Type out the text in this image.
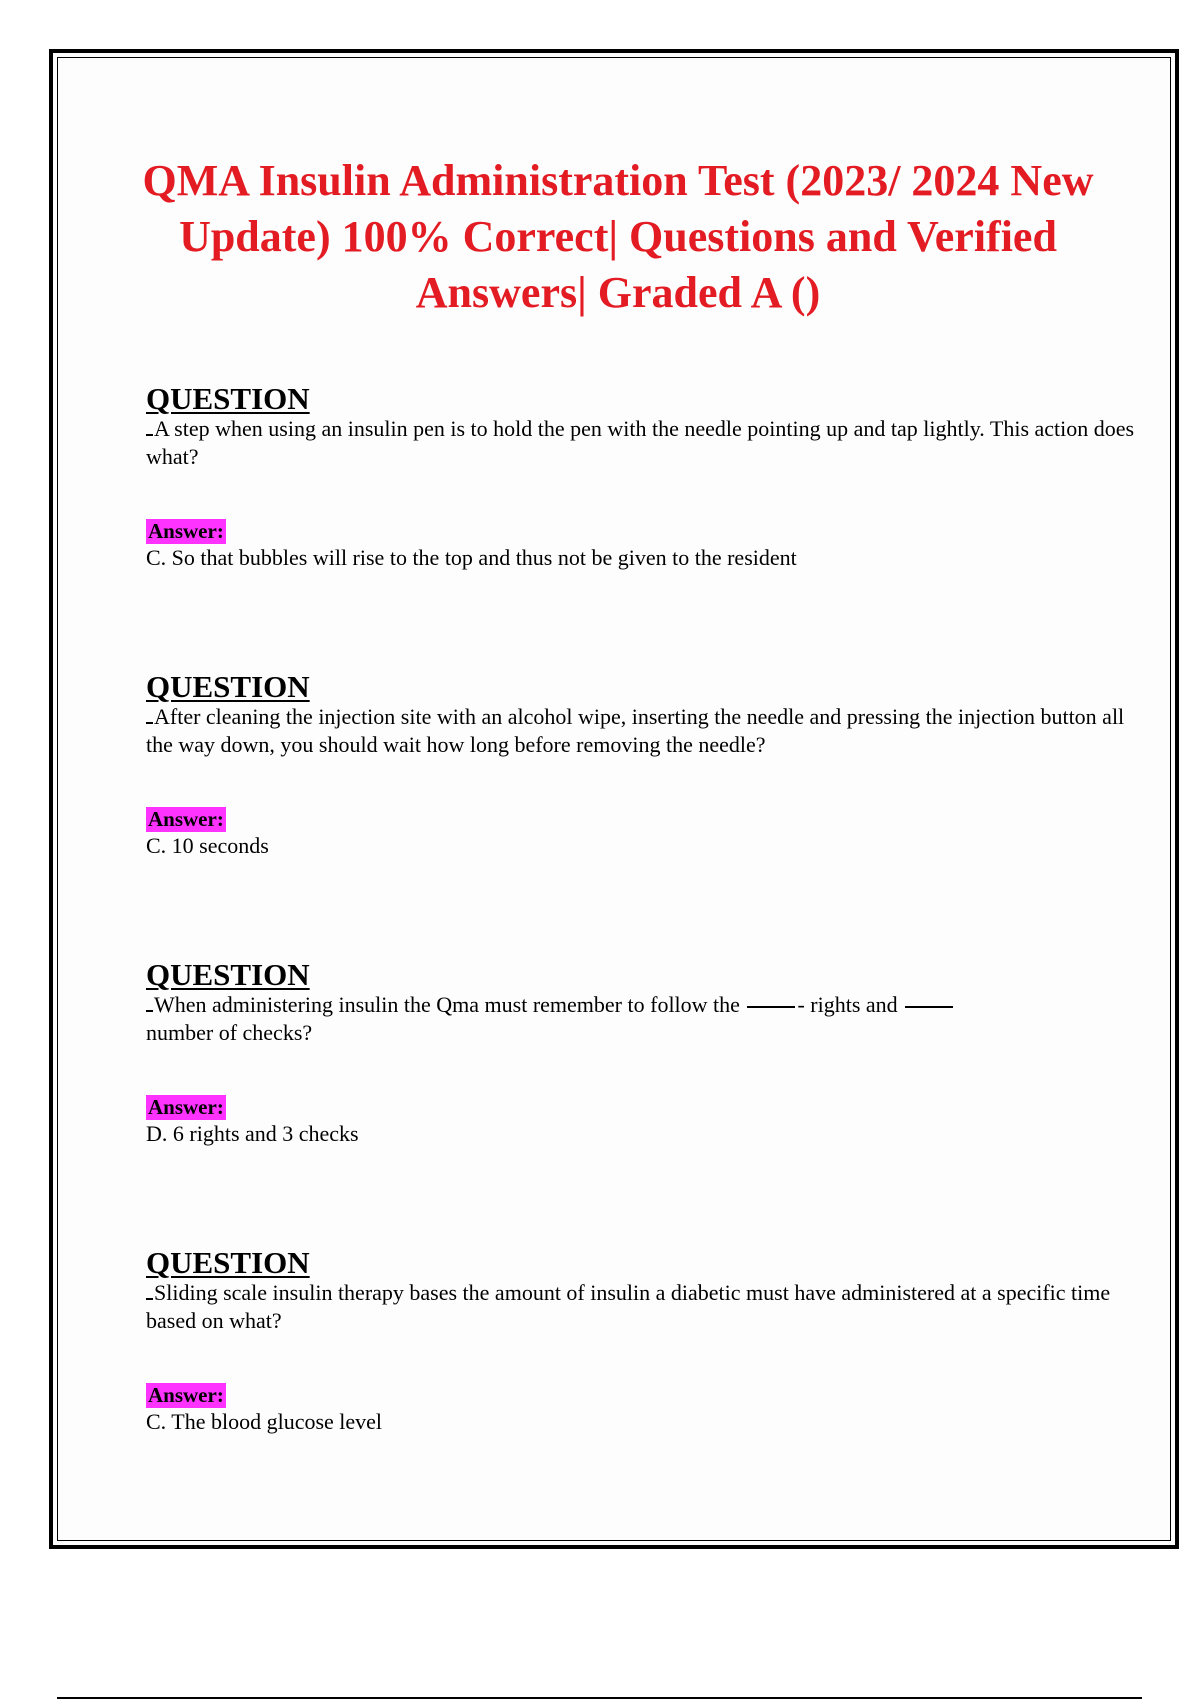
QMA Insulin Administration Test (2023/ 2024 New Update) 100% Correct| Questions and Verified Answers| Graded A ()
QUESTION

A step when using an insulin pen is to hold the pen with the needle pointing up and tap lightly. This action does what?

Answer:

C. So that bubbles will rise to the top and thus not be given to the resident

QUESTION

After cleaning the injection site with an alcohol wipe, inserting the needle and pressing the injection button all the way down, you should wait how long before removing the needle?

Answer:

C. 10 seconds

QUESTION

When administering insulin the Qma must remember to follow the	- rights and
number of checks?

Answer:

D. 6 rights and 3 checks

QUESTION

Sliding scale insulin therapy bases the amount of insulin a diabetic must have administered at a specific time based on what?

Answer:

C. The blood glucose level
